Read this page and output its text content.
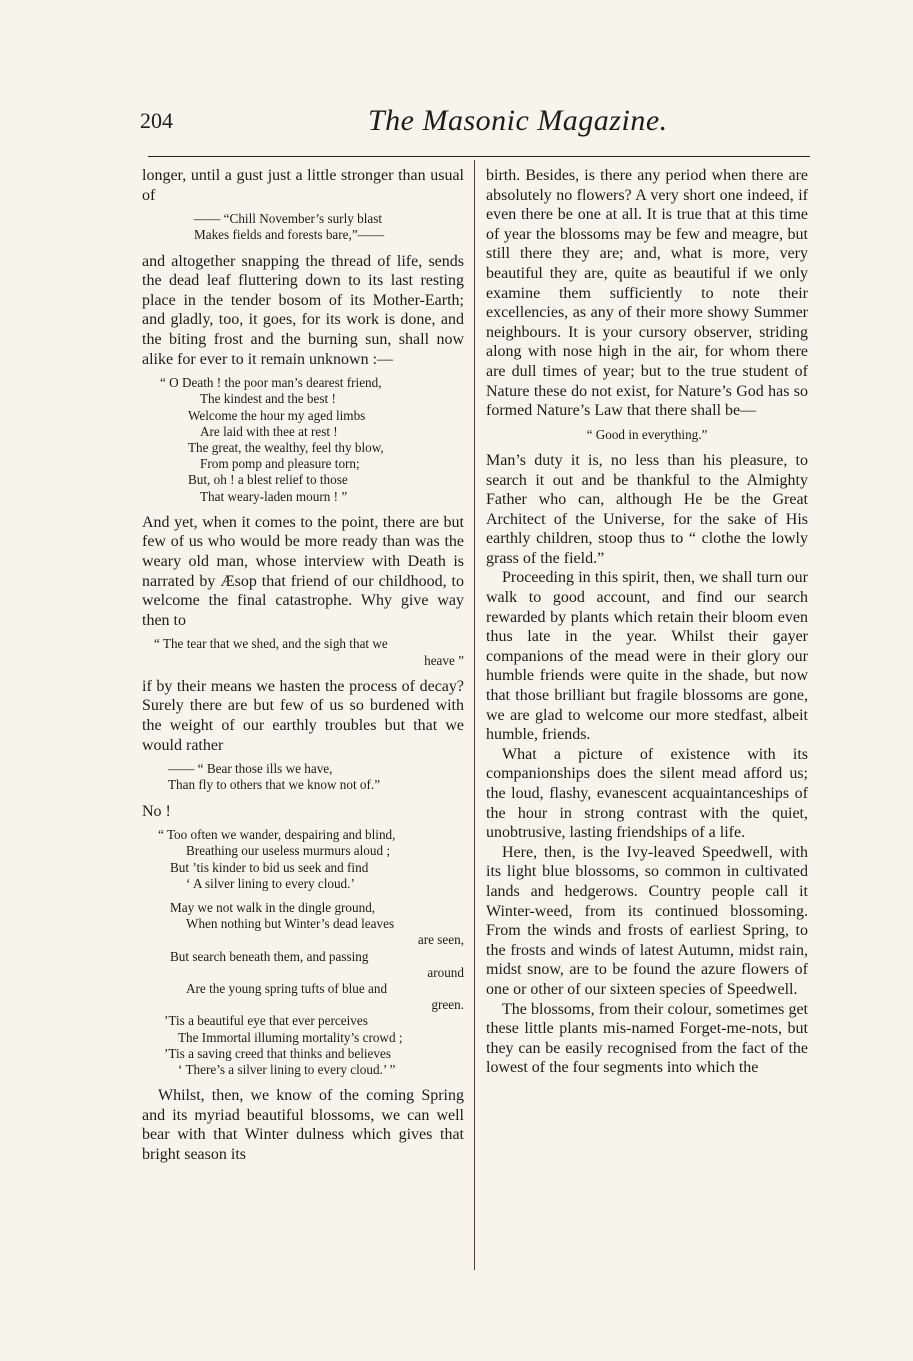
204	The Masonic Magazine.

longer, until a gust just a little stronger than usual of

—— “Chill November’s surly blast
Makes fields and forests bare,”——

and altogether snapping the thread of life, sends the dead leaf fluttering down to its last resting place in the tender bosom of its Mother-Earth; and gladly, too, it goes, for its work is done, and the biting frost and the burning sun, shall now alike for ever to it remain unknown :—

“ O Death ! the poor man’s dearest friend,
The kindest and the best !
Welcome the hour my aged limbs
Are laid with thee at rest !
The great, the wealthy, feel thy blow,
From pomp and pleasure torn;
But, oh ! a blest relief to those
That weary-laden mourn ! ”

And yet, when it comes to the point, there are but few of us who would be more ready than was the weary old man, whose interview with Death is narrated by Æsop that friend of our childhood, to welcome the final catastrophe. Why give way then to

“ The tear that we shed, and the sigh that we
heave ”

if by their means we hasten the process of decay? Surely there are but few of us so burdened with the weight of our earthly troubles but that we would rather

—— “ Bear those ills we have,
Than fly to others that we know not of.”

No !

“ Too often we wander, despairing and blind,
Breathing our useless murmurs aloud ;
But ’tis kinder to bid us seek and find
‘ A silver lining to every cloud.’
May we not walk in the dingle ground,
When nothing but Winter’s dead leaves
are seen,
But search beneath them, and passing
around
Are the young spring tufts of blue and
green.
’Tis a beautiful eye that ever perceives
The Immortal illuming mortality’s crowd ;
’Tis a saving creed that thinks and believes
‘ There’s a silver lining to every cloud.’ ”

Whilst, then, we know of the coming Spring and its myriad beautiful blossoms, we can well bear with that Winter dulness which gives that bright season its

birth. Besides, is there any period when there are absolutely no flowers? A very short one indeed, if even there be one at all. It is true that at this time of year the blossoms may be few and meagre, but still there they are; and, what is more, very beautiful they are, quite as beautiful if we only examine them sufficiently to note their excellencies, as any of their more showy Summer neighbours. It is your cursory observer, striding along with nose high in the air, for whom there are dull times of year; but to the true student of Nature these do not exist, for Nature’s God has so formed Nature’s Law that there shall be—

“ Good in everything.”

Man’s duty it is, no less than his pleasure, to search it out and be thankful to the Almighty Father who can, although He be the Great Architect of the Universe, for the sake of His earthly children, stoop thus to “ clothe the lowly grass of the field.”

Proceeding in this spirit, then, we shall turn our walk to good account, and find our search rewarded by plants which retain their bloom even thus late in the year. Whilst their gayer companions of the mead were in their glory our humble friends were quite in the shade, but now that those brilliant but fragile blossoms are gone, we are glad to welcome our more stedfast, albeit humble, friends.

What a picture of existence with its companionships does the silent mead afford us; the loud, flashy, evanescent acquaintanceships of the hour in strong contrast with the quiet, unobtrusive, lasting friendships of a life.

Here, then, is the Ivy-leaved Speedwell, with its light blue blossoms, so common in cultivated lands and hedgerows. Country people call it Winter-weed, from its continued blossoming. From the winds and frosts of earliest Spring, to the frosts and winds of latest Autumn, midst rain, midst snow, are to be found the azure flowers of one or other of our sixteen species of Speedwell.

The blossoms, from their colour, sometimes get these little plants mis-named Forget-me-nots, but they can be easily recognised from the fact of the lowest of the four segments into which the
